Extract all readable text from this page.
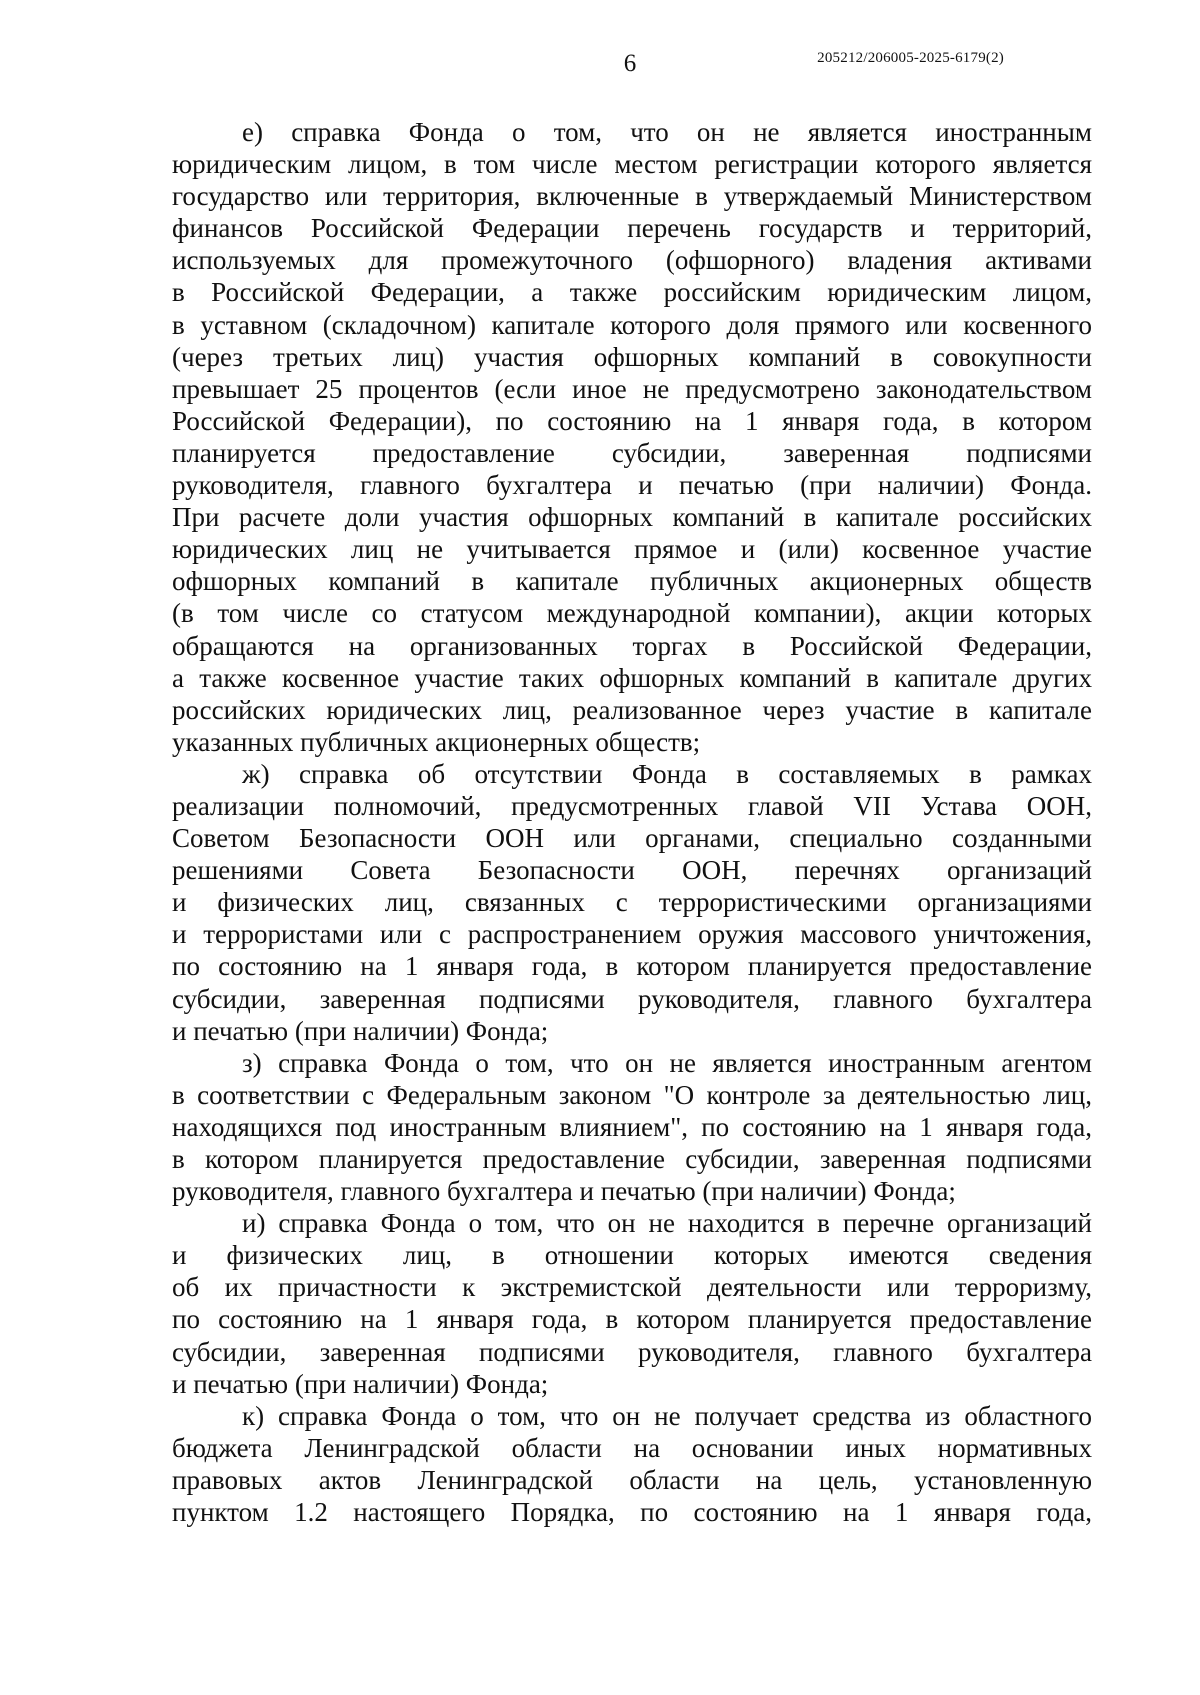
6	205212/206005-2025-6179(2)
е) справка Фонда о том, что он не является иностранным
юридическим лицом, в том числе местом регистрации которого является
государство или территория, включенные в утверждаемый Министерством
финансов Российской Федерации перечень государств и территорий,
используемых для промежуточного (офшорного) владения активами
в Российской Федерации, а также российским юридическим лицом,
в уставном (складочном) капитале которого доля прямого или косвенного
(через третьих лиц) участия офшорных компаний в совокупности
превышает 25 процентов (если иное не предусмотрено законодательством
Российской Федерации), по состоянию на 1 января года, в котором
планируется предоставление субсидии, заверенная подписями
руководителя, главного бухгалтера и печатью (при наличии) Фонда.
При расчете доли участия офшорных компаний в капитале российских
юридических лиц не учитывается прямое и (или) косвенное участие
офшорных компаний в капитале публичных акционерных обществ
(в том числе со статусом международной компании), акции которых
обращаются на организованных торгах в Российской Федерации,
а также косвенное участие таких офшорных компаний в капитале других
российских юридических лиц, реализованное через участие в капитале
указанных публичных акционерных обществ;
ж) справка об отсутствии Фонда в составляемых в рамках
реализации полномочий, предусмотренных главой VII Устава ООН,
Советом Безопасности ООН или органами, специально созданными
решениями Совета Безопасности ООН, перечнях организаций
и физических лиц, связанных с террористическими организациями
и террористами или с распространением оружия массового уничтожения,
по состоянию на 1 января года, в котором планируется предоставление
субсидии, заверенная подписями руководителя, главного бухгалтера
и печатью (при наличии) Фонда;
з) справка Фонда о том, что он не является иностранным агентом
в соответствии с Федеральным законом "О контроле за деятельностью лиц,
находящихся под иностранным влиянием", по состоянию на 1 января года,
в котором планируется предоставление субсидии, заверенная подписями
руководителя, главного бухгалтера и печатью (при наличии) Фонда;
и) справка Фонда о том, что он не находится в перечне организаций
и физических лиц, в отношении которых имеются сведения
об их причастности к экстремистской деятельности или терроризму,
по состоянию на 1 января года, в котором планируется предоставление
субсидии, заверенная подписями руководителя, главного бухгалтера
и печатью (при наличии) Фонда;
к) справка Фонда о том, что он не получает средства из областного
бюджета Ленинградской области на основании иных нормативных
правовых актов Ленинградской области на цель, установленную
пунктом 1.2 настоящего Порядка, по состоянию на 1 января года,
